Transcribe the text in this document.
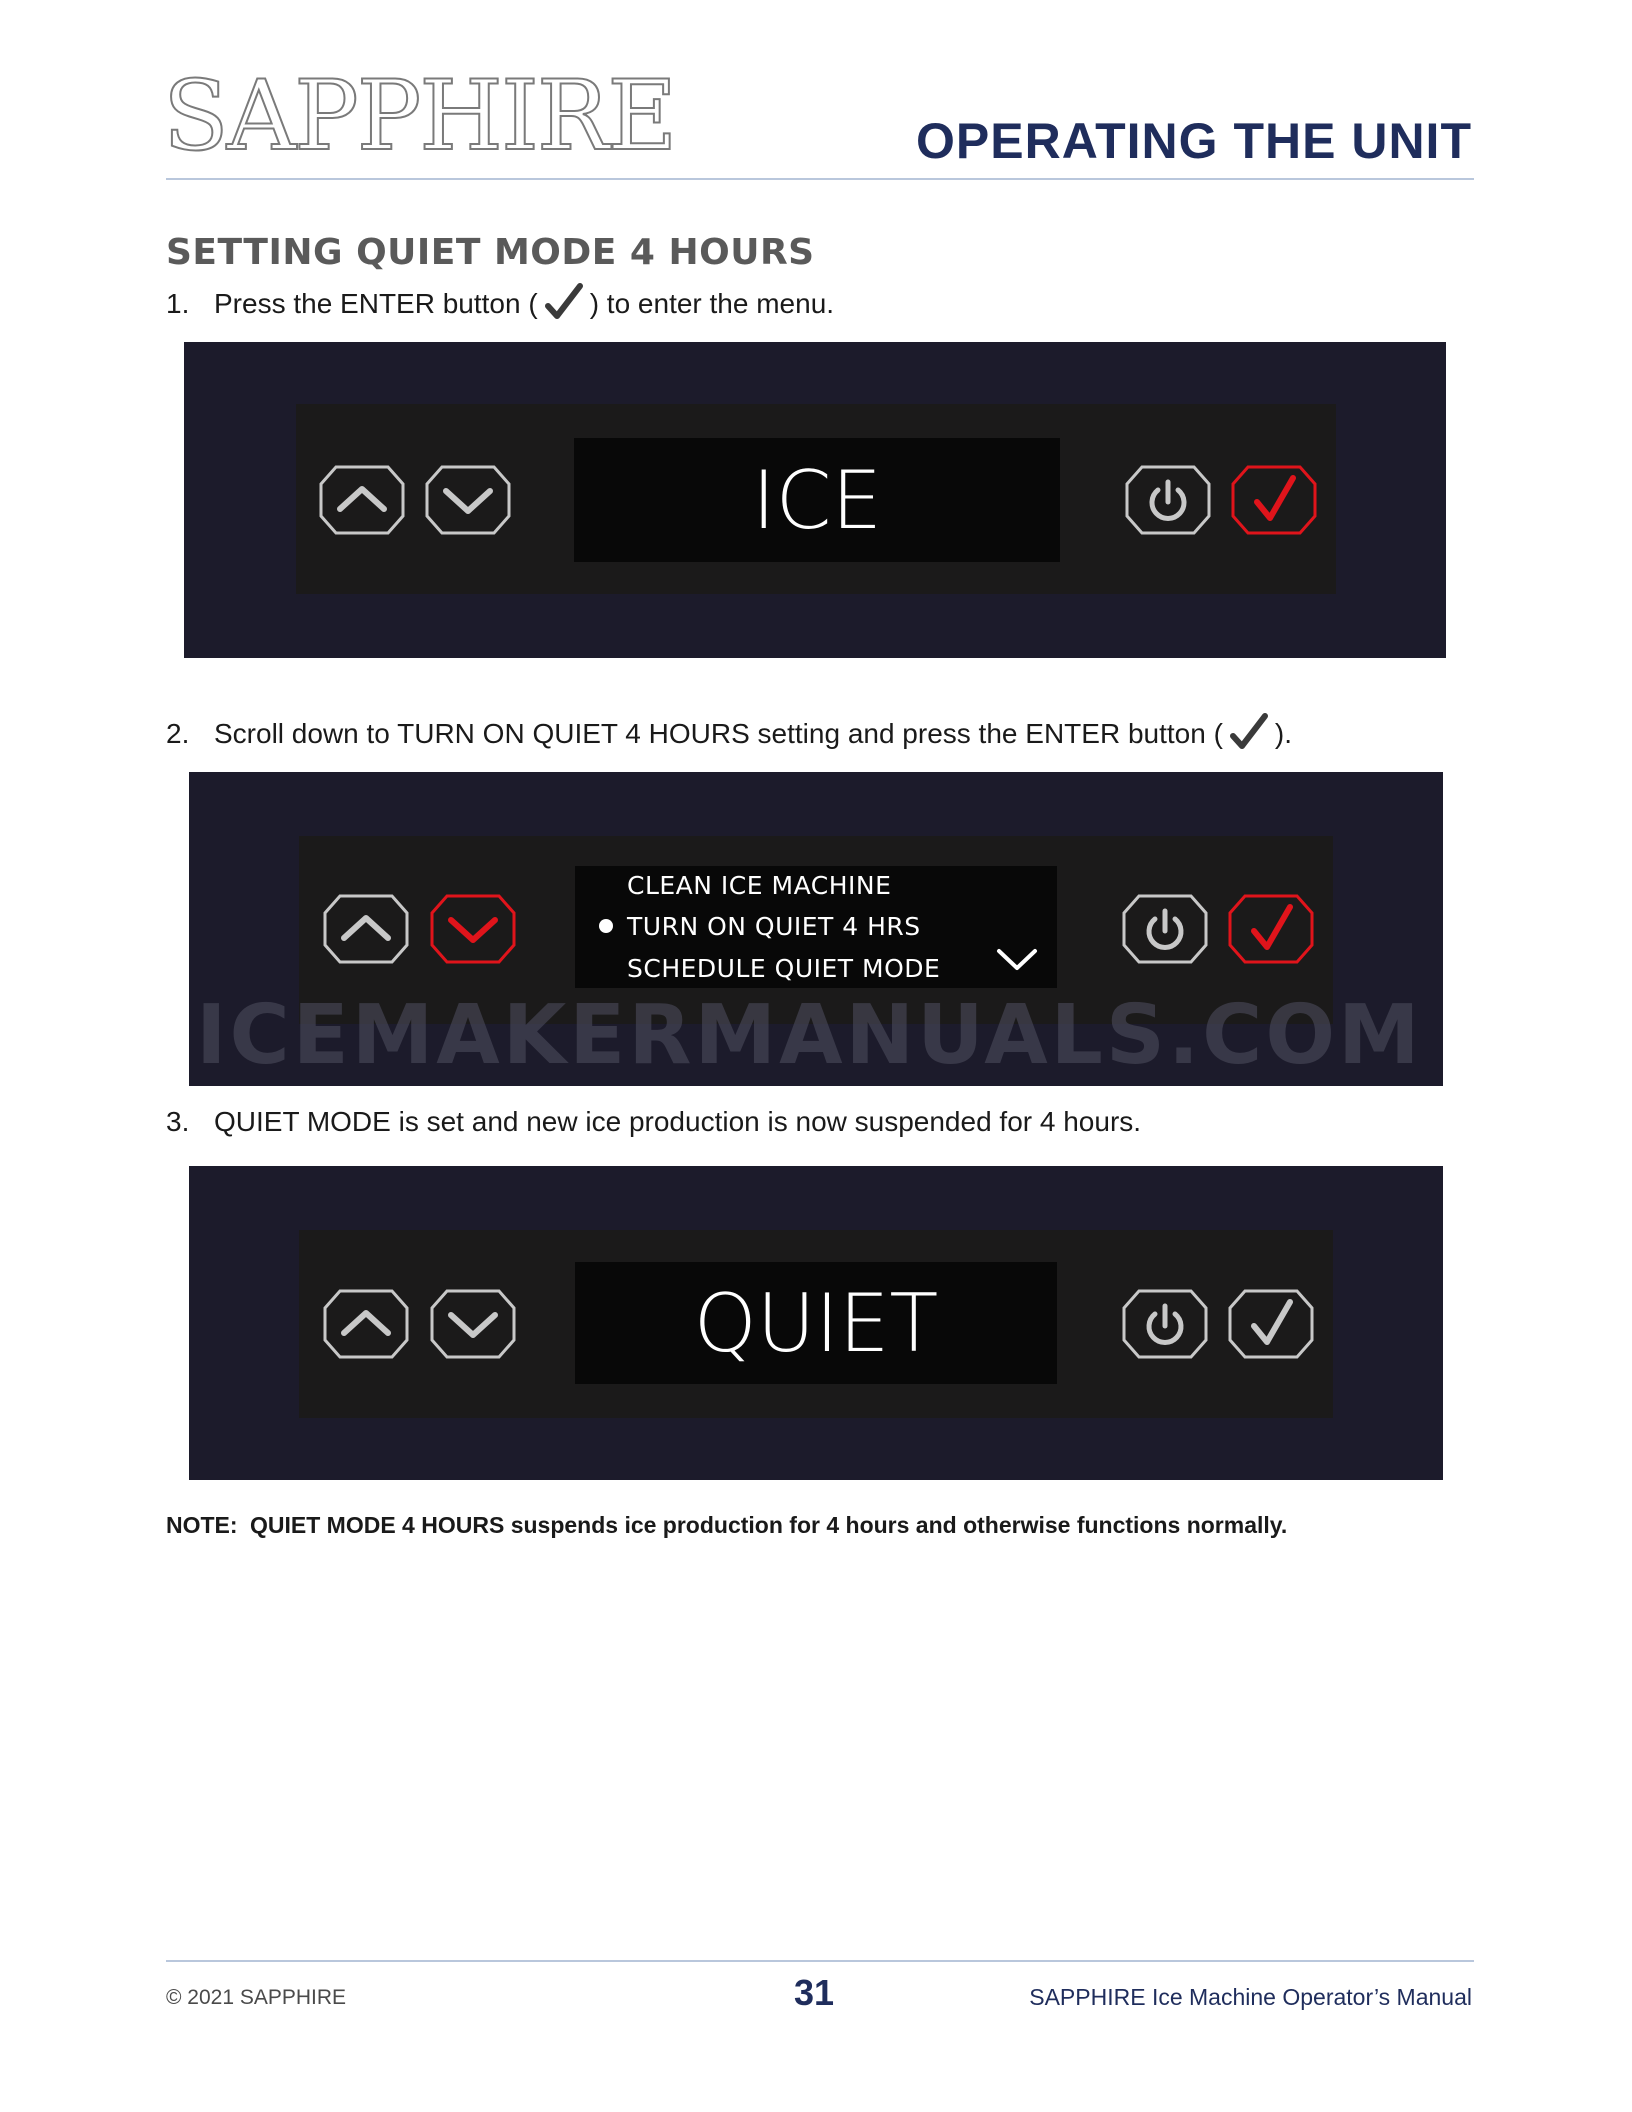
SAPPHIRE	OPERATING THE UNIT
SETTING QUIET MODE 4 HOURS
1. Press the ENTER button ( ) to enter the menu.
ICE
2. Scroll down to TURN ON QUIET 4 HOURS setting and press the ENTER button ( ).
CLEAN ICE MACHINE
TURN ON QUIET 4 HRS
SCHEDULE QUIET MODE
ICEMAKERMANUALS.COM
3. QUIET MODE is set and new ice production is now suspended for 4 hours.
QUIET
NOTE: QUIET MODE 4 HOURS suspends ice production for 4 hours and otherwise functions normally.
© 2021 SAPPHIRE	31	SAPPHIRE Ice Machine Operator’s Manual
